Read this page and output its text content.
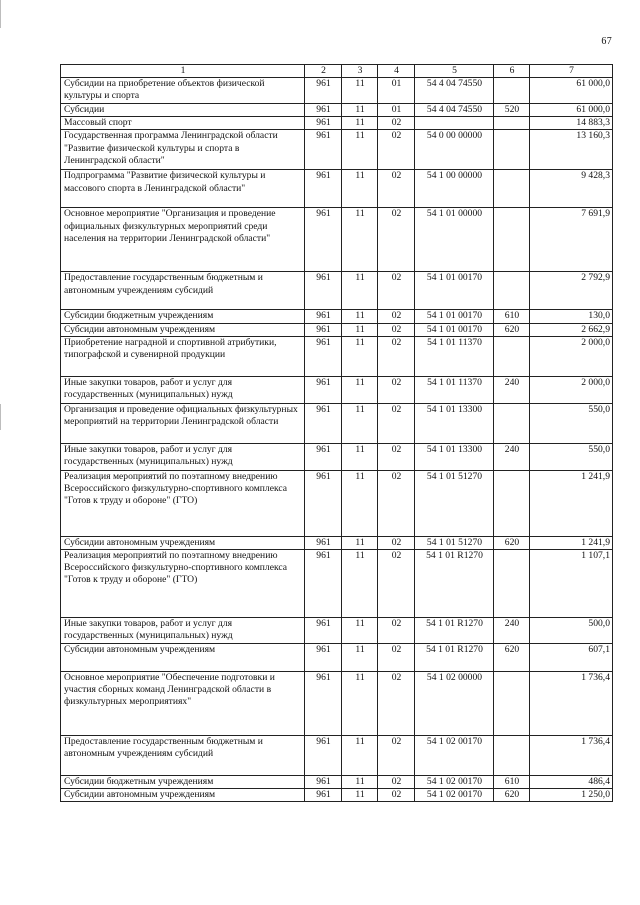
67
1	2	3	4	5	6	7
Субсидии на приобретение объектов физической культуры и спорта	961	11	01	54 4 04 74550		61 000,0
Субсидии	961	11	01	54 4 04 74550	520	61 000,0
Массовый спорт	961	11	02			14 883,3
Государственная программа Ленинградской области "Развитие физической культуры и спорта в Ленинградской области"	961	11	02	54 0 00 00000		13 160,3
Подпрограмма "Развитие физической культуры и массового спорта в Ленинградской области"	961	11	02	54 1 00 00000		9 428,3
Основное мероприятие "Организация и проведение официальных физкультурных мероприятий среди населения на территории Ленинградской области"	961	11	02	54 1 01 00000		7 691,9
Предоставление государственным бюджетным и автономным учреждениям субсидий	961	11	02	54 1 01 00170		2 792,9
Субсидии бюджетным учреждениям	961	11	02	54 1 01 00170	610	130,0
Субсидии автономным учреждениям	961	11	02	54 1 01 00170	620	2 662,9
Приобретение наградной и спортивной атрибутики, типографской и сувенирной продукции	961	11	02	54 1 01 11370		2 000,0
Иные закупки товаров, работ и услуг для государственных (муниципальных) нужд	961	11	02	54 1 01 11370	240	2 000,0
Организация и проведение официальных физкультурных мероприятий на территории Ленинградской области	961	11	02	54 1 01 13300		550,0
Иные закупки товаров, работ и услуг для государственных (муниципальных) нужд	961	11	02	54 1 01 13300	240	550,0
Реализация мероприятий по поэтапному внедрению Всероссийского физкультурно-спортивного комплекса "Готов к труду и обороне" (ГТО)	961	11	02	54 1 01 51270		1 241,9
Субсидии автономным учреждениям	961	11	02	54 1 01 51270	620	1 241,9
Реализация мероприятий по поэтапному внедрению Всероссийского физкультурно-спортивного комплекса "Готов к труду и обороне" (ГТО)	961	11	02	54 1 01 R1270		1 107,1
Иные закупки товаров, работ и услуг для государственных (муниципальных) нужд	961	11	02	54 1 01 R1270	240	500,0
Субсидии автономным учреждениям	961	11	02	54 1 01 R1270	620	607,1
Основное мероприятие "Обеспечение подготовки и участия сборных команд Ленинградской области в физкультурных мероприятиях"	961	11	02	54 1 02 00000		1 736,4
Предоставление государственным бюджетным и автономным учреждениям субсидий	961	11	02	54 1 02 00170		1 736,4
Субсидии бюджетным учреждениям	961	11	02	54 1 02 00170	610	486,4
Субсидии автономным учреждениям	961	11	02	54 1 02 00170	620	1 250,0
